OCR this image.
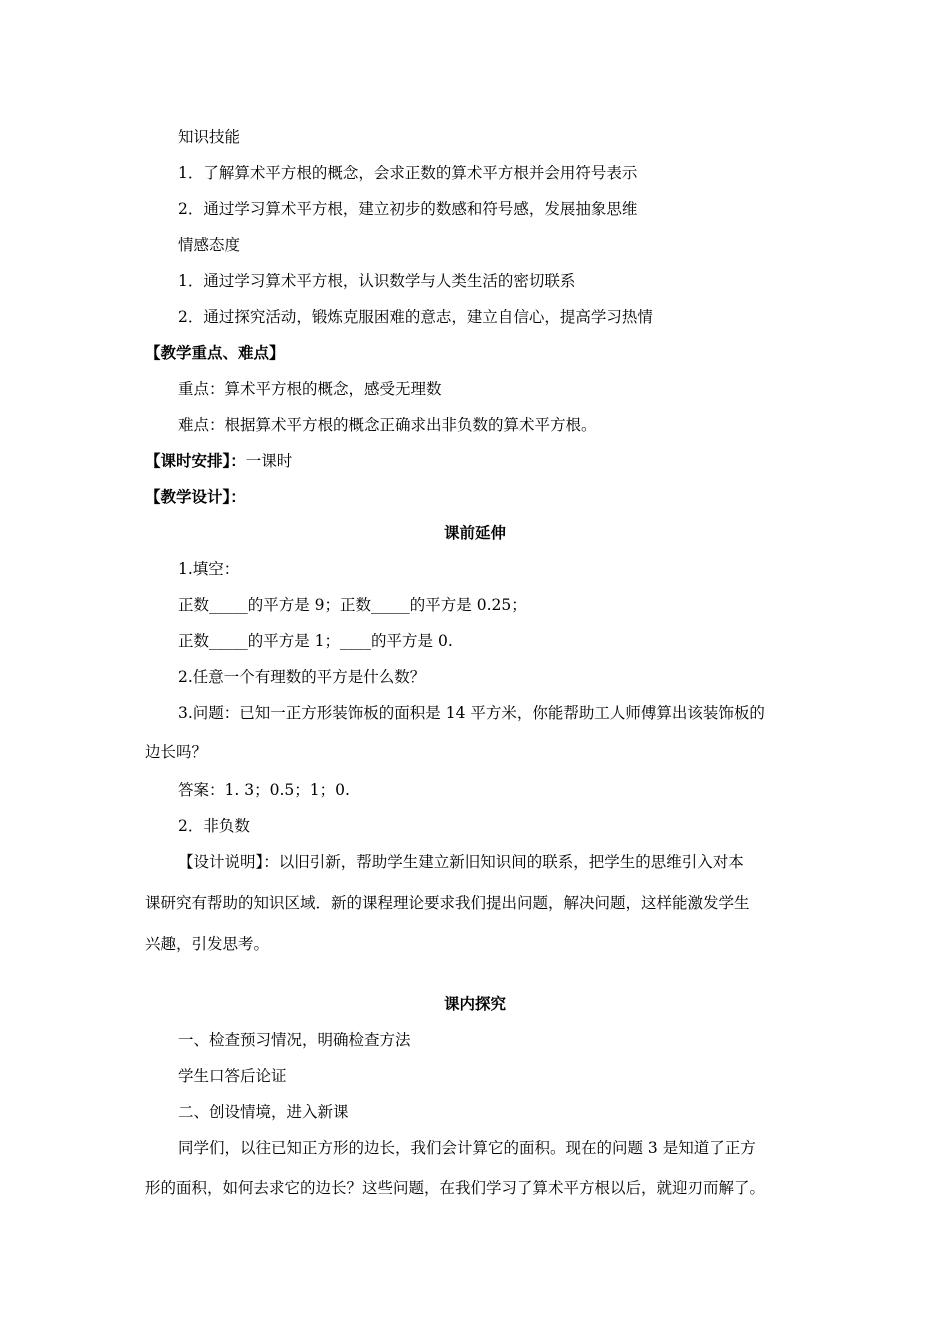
知识技能
1．了解算术平方根的概念，会求正数的算术平方根并会用符号表示
2．通过学习算术平方根，建立初步的数感和符号感，发展抽象思维
情感态度
1．通过学习算术平方根，认识数学与人类生活的密切联系
2．通过探究活动，锻炼克服困难的意志，建立自信心，提高学习热情
【教学重点、难点】
重点：算术平方根的概念，感受无理数
难点：根据算术平方根的概念正确求出非负数的算术平方根。
【课时安排】：一课时
【教学设计】：
课前延伸
1.填空：
正数_____的平方是 9；正数_____的平方是 0.25；
正数_____的平方是 1；____的平方是 0.
2.任意一个有理数的平方是什么数？
3.问题：已知一正方形装饰板的面积是 14 平方米，你能帮助工人师傅算出该装饰板的
边长吗？
答案：1. 3；0.5；1；0.
2．非负数
【设计说明】：以旧引新，帮助学生建立新旧知识间的联系，把学生的思维引入对本
课研究有帮助的知识区域．新的课程理论要求我们提出问题，解决问题，这样能激发学生
兴趣，引发思考。
课内探究
一、检查预习情况，明确检查方法
学生口答后论证
二、创设情境，进入新课
同学们，以往已知正方形的边长，我们会计算它的面积。现在的问题 3 是知道了正方
形的面积，如何去求它的边长？这些问题，在我们学习了算术平方根以后，就迎刃而解了。
